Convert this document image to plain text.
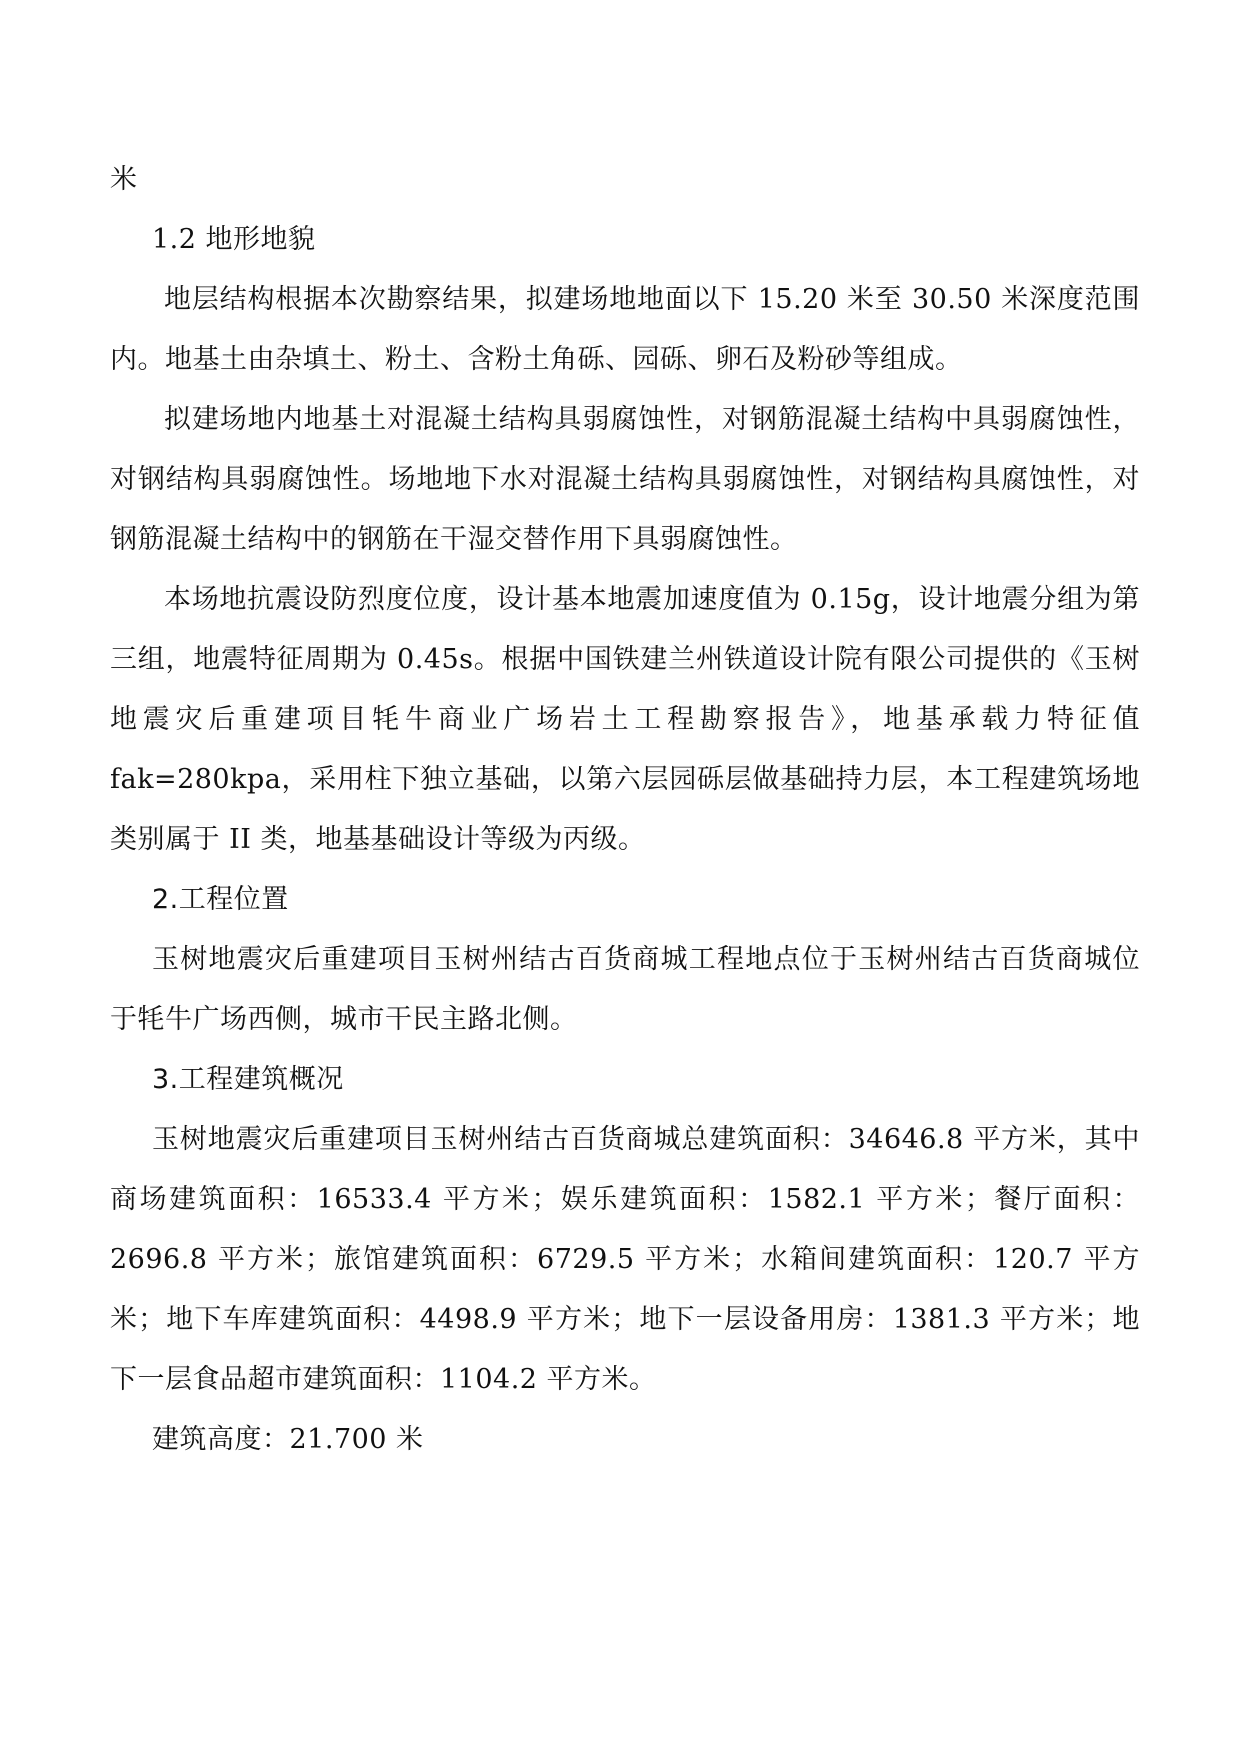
米

1.2 地形地貌

地层结构根据本次勘察结果，拟建场地地面以下 15.20 米至 30.50 米深度范围内。地基土由杂填土、粉土、含粉土角砾、园砾、卵石及粉砂等组成。

拟建场地内地基土对混凝土结构具弱腐蚀性，对钢筋混凝土结构中具弱腐蚀性，对钢结构具弱腐蚀性。场地地下水对混凝土结构具弱腐蚀性，对钢结构具腐蚀性，对钢筋混凝土结构中的钢筋在干湿交替作用下具弱腐蚀性。

本场地抗震设防烈度位度，设计基本地震加速度值为 0.15g，设计地震分组为第三组，地震特征周期为 0.45s。根据中国铁建兰州铁道设计院有限公司提供的《玉树地震灾后重建项目牦牛商业广场岩土工程勘察报告》，地基承载力特征值 fak=280kpa，采用柱下独立基础，以第六层园砾层做基础持力层，本工程建筑场地类别属于 II 类，地基基础设计等级为丙级。

2.工程位置

玉树地震灾后重建项目玉树州结古百货商城工程地点位于玉树州结古百货商城位于牦牛广场西侧，城市干民主路北侧。

3.工程建筑概况

玉树地震灾后重建项目玉树州结古百货商城总建筑面积：34646.8 平方米，其中商场建筑面积：16533.4 平方米；娱乐建筑面积：1582.1 平方米；餐厅面积：2696.8 平方米；旅馆建筑面积：6729.5 平方米；水箱间建筑面积：120.7 平方米；地下车库建筑面积：4498.9 平方米；地下一层设备用房：1381.3 平方米；地下一层食品超市建筑面积：1104.2 平方米。

建筑高度：21.700 米
